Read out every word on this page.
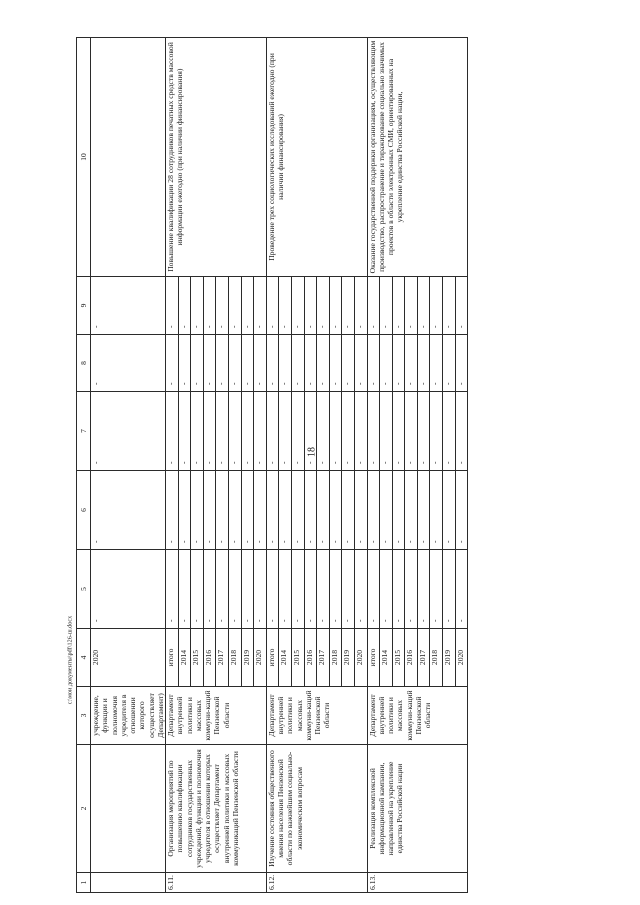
18
c:\мои документы\pdf\126-ш.docx
1	2	3	4	5	6	7	8	9	10
		учреждение, функции и полномочия учредителя в отношении которого осуществляет Департамент)	2020	-	-	-	-	-	
6.11.	Организация мероприятий по повышению квалификации сотрудников государственных учреждений, функции и полномочия учредителя в отношении которых осуществляет Департамент внутренней политики и массовых коммуникаций Пензенской области	Департамент внутренней политики и массовых коммуни-каций Пензенской области	итого	-	-	-	-	-	Повышение квалификации 28 сотрудников печатных средств массовой информации ежегодно (при наличии финансирования)
			2014	-	-	-	-	-	
			2015	-	-	-	-	-	
			2016	-	-	-	-	-	
			2017	-	-	-	-	-	
			2018	-	-	-	-	-	
			2019	-	-	-	-	-	
			2020	-	-	-	-	-	
6.12.	Изучение состояния общественного мнения населения Пензенской области по важнейшим социально-экономическим вопросам	Департамент внутренней политики и массовых коммуни-каций Пензенской области	итого	-	-	-	-	-	Проведение трех социологических исследований ежегодно (при наличии финансирования)
			2014	-	-	-	-	-	
			2015	-	-	-	-	-	
			2016	-	-	-	-	-	
			2017	-	-	-	-	-	
			2018	-	-	-	-	-	
			2019	-	-	-	-	-	
			2020	-	-	-	-	-	
6.13.	Реализация комплексной информационной кампании, направленной на укрепление единства Российской нации	Департамент внутренней политики и массовых коммуни-каций Пензенской области	итого	-	-	-	-	-	Оказание государственной поддержки организациям, осуществляющим производство, распространение и тиражирование социально значимых проектов в области электронных СМИ, ориентированных на укрепление единства Российской нации,
			2014	-	-	-	-	-	
			2015	-	-	-	-	-	
			2016	-	-	-	-	-	
			2017	-	-	-	-	-	
			2018	-	-	-	-	-	
			2019	-	-	-	-	-	
			2020	-	-	-	-	-	
